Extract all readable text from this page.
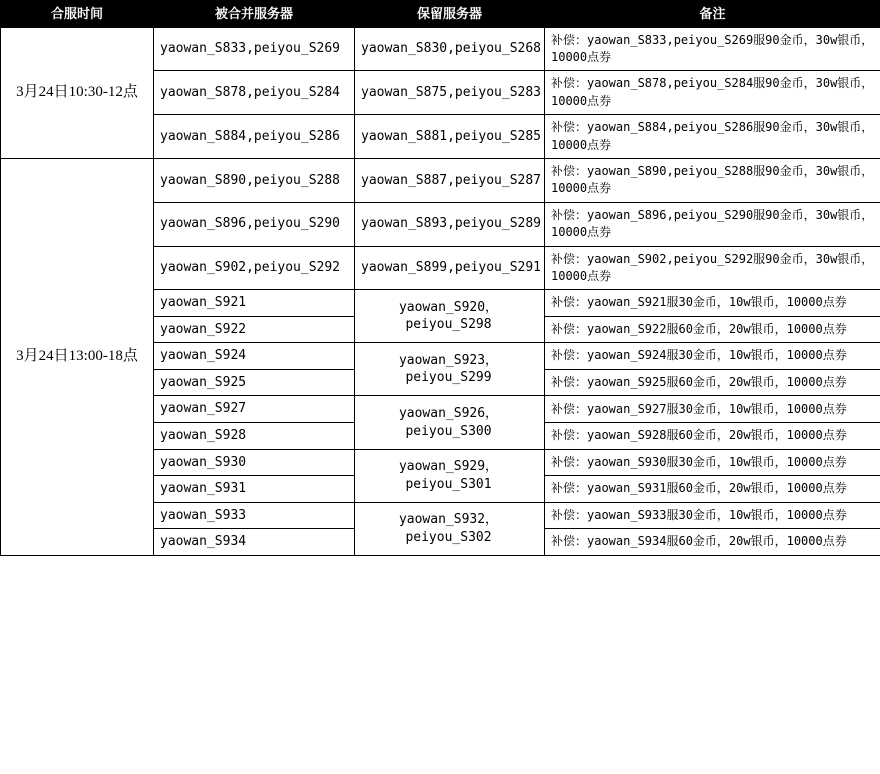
合服时间	被合并服务器	保留服务器	备注
3月24日10:30-12点	yaowan_S833,peiyou_S269	yaowan_S830,peiyou_S268	补偿：yaowan_S833,peiyou_S269服90金币，30w银币，10000点券
	yaowan_S878,peiyou_S284	yaowan_S875,peiyou_S283	补偿：yaowan_S878,peiyou_S284服90金币，30w银币，10000点券
	yaowan_S884,peiyou_S286	yaowan_S881,peiyou_S285	补偿：yaowan_S884,peiyou_S286服90金币，30w银币，10000点券
3月24日13:00-18点	yaowan_S890,peiyou_S288	yaowan_S887,peiyou_S287	补偿：yaowan_S890,peiyou_S288服90金币，30w银币，10000点券
	yaowan_S896,peiyou_S290	yaowan_S893,peiyou_S289	补偿：yaowan_S896,peiyou_S290服90金币，30w银币，10000点券
	yaowan_S902,peiyou_S292	yaowan_S899,peiyou_S291	补偿：yaowan_S902,peiyou_S292服90金币，30w银币，10000点券
	yaowan_S921	yaowan_S920，peiyou_S298	补偿：yaowan_S921服30金币，10w银币，10000点券
	yaowan_S922		补偿：yaowan_S922服60金币，20w银币，10000点券
	yaowan_S924	yaowan_S923，peiyou_S299	补偿：yaowan_S924服30金币，10w银币，10000点券
	yaowan_S925		补偿：yaowan_S925服60金币，20w银币，10000点券
	yaowan_S927	yaowan_S926，peiyou_S300	补偿：yaowan_S927服30金币，10w银币，10000点券
	yaowan_S928		补偿：yaowan_S928服60金币，20w银币，10000点券
	yaowan_S930	yaowan_S929，peiyou_S301	补偿：yaowan_S930服30金币，10w银币，10000点券
	yaowan_S931		补偿：yaowan_S931服60金币，20w银币，10000点券
	yaowan_S933	yaowan_S932，peiyou_S302	补偿：yaowan_S933服30金币，10w银币，10000点券
	yaowan_S934		补偿：yaowan_S934服60金币，20w银币，10000点券
